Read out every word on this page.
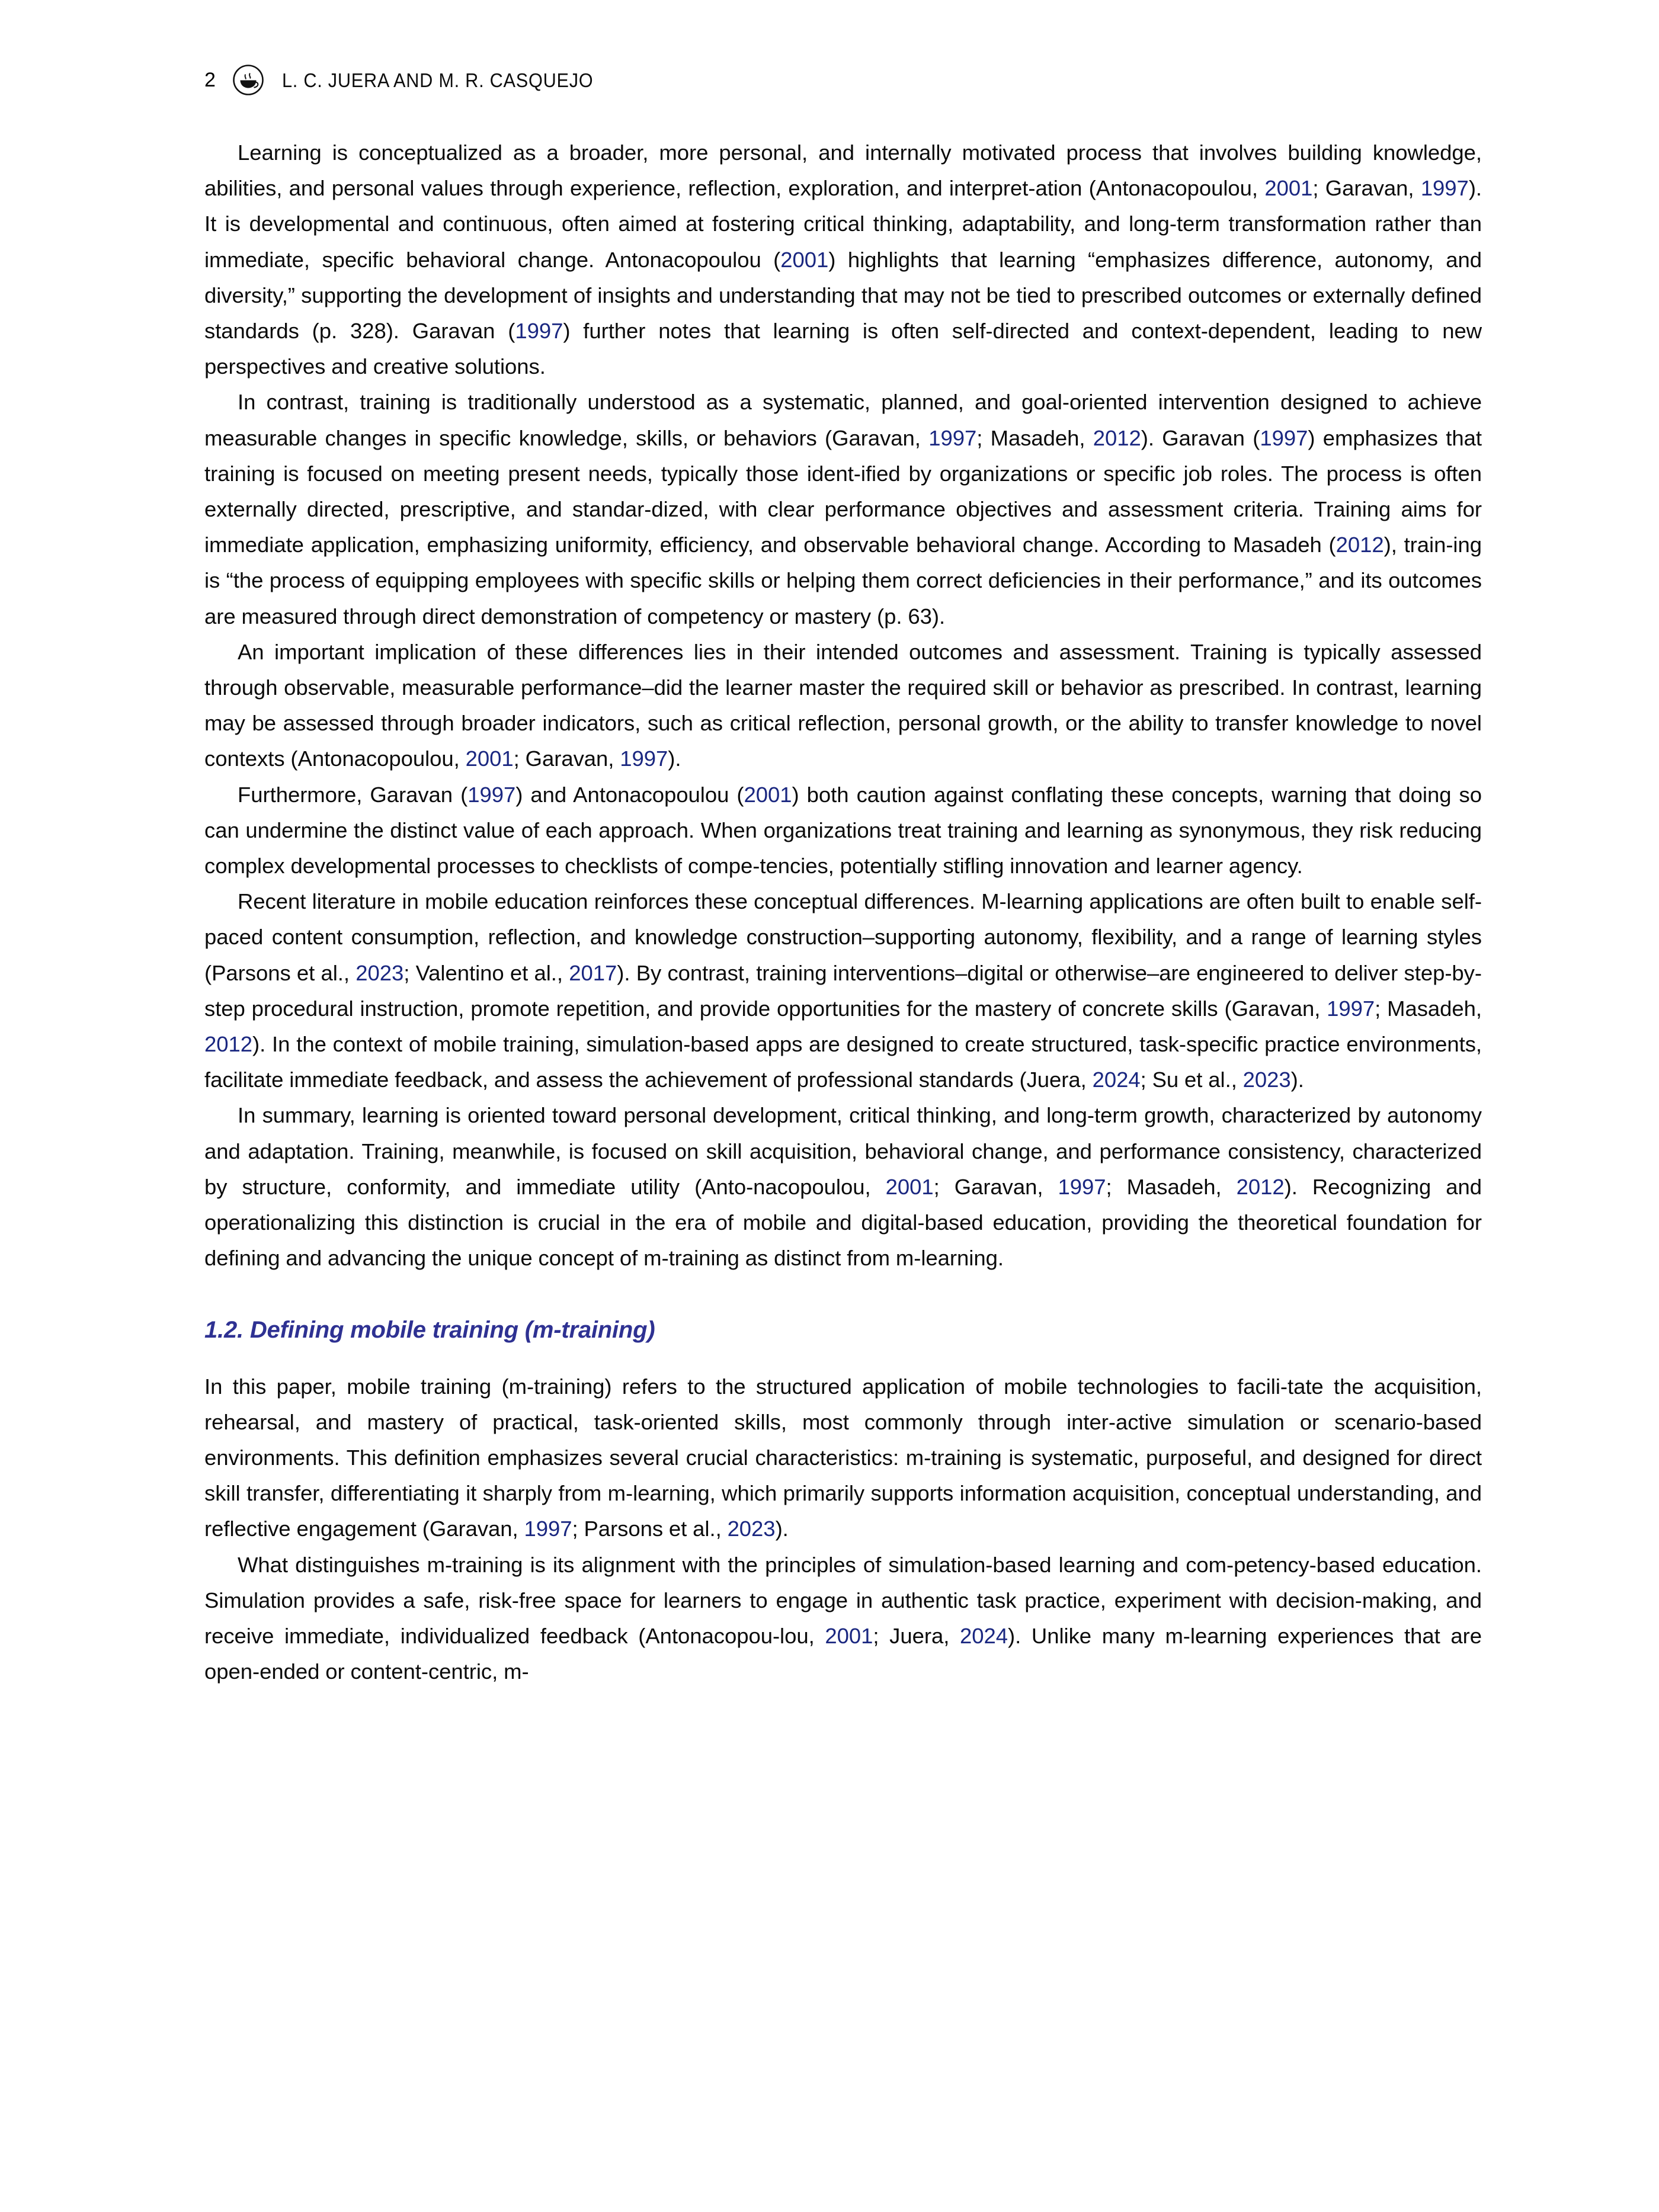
2	L. C. JUERA AND M. R. CASQUEJO

Learning is conceptualized as a broader, more personal, and internally motivated process that involves building knowledge, abilities, and personal values through experience, reflection, exploration, and interpret-ation (Antonacopoulou, 2001; Garavan, 1997). It is developmental and continuous, often aimed at fostering critical thinking, adaptability, and long-term transformation rather than immediate, specific behavioral change. Antonacopoulou (2001) highlights that learning “emphasizes difference, autonomy, and diversity,” supporting the development of insights and understanding that may not be tied to prescribed outcomes or externally defined standards (p. 328). Garavan (1997) further notes that learning is often self-directed and context-dependent, leading to new perspectives and creative solutions.

In contrast, training is traditionally understood as a systematic, planned, and goal-oriented intervention designed to achieve measurable changes in specific knowledge, skills, or behaviors (Garavan, 1997; Masadeh, 2012). Garavan (1997) emphasizes that training is focused on meeting present needs, typically those ident-ified by organizations or specific job roles. The process is often externally directed, prescriptive, and standar-dized, with clear performance objectives and assessment criteria. Training aims for immediate application, emphasizing uniformity, efficiency, and observable behavioral change. According to Masadeh (2012), train-ing is “the process of equipping employees with specific skills or helping them correct deficiencies in their performance,” and its outcomes are measured through direct demonstration of competency or mastery (p. 63).

An important implication of these differences lies in their intended outcomes and assessment. Training is typically assessed through observable, measurable performance–did the learner master the required skill or behavior as prescribed. In contrast, learning may be assessed through broader indicators, such as critical reflection, personal growth, or the ability to transfer knowledge to novel contexts (Antonacopoulou, 2001; Garavan, 1997).

Furthermore, Garavan (1997) and Antonacopoulou (2001) both caution against conflating these concepts, warning that doing so can undermine the distinct value of each approach. When organizations treat training and learning as synonymous, they risk reducing complex developmental processes to checklists of compe-tencies, potentially stifling innovation and learner agency.

Recent literature in mobile education reinforces these conceptual differences. M-learning applications are often built to enable self-paced content consumption, reflection, and knowledge construction–supporting autonomy, flexibility, and a range of learning styles (Parsons et al., 2023; Valentino et al., 2017). By contrast, training interventions–digital or otherwise–are engineered to deliver step-by-step procedural instruction, promote repetition, and provide opportunities for the mastery of concrete skills (Garavan, 1997; Masadeh, 2012). In the context of mobile training, simulation-based apps are designed to create structured, task-specific practice environments, facilitate immediate feedback, and assess the achievement of professional standards (Juera, 2024; Su et al., 2023).

In summary, learning is oriented toward personal development, critical thinking, and long-term growth, characterized by autonomy and adaptation. Training, meanwhile, is focused on skill acquisition, behavioral change, and performance consistency, characterized by structure, conformity, and immediate utility (Anto-nacopoulou, 2001; Garavan, 1997; Masadeh, 2012). Recognizing and operationalizing this distinction is crucial in the era of mobile and digital-based education, providing the theoretical foundation for defining and advancing the unique concept of m-training as distinct from m-learning.

1.2. Defining mobile training (m-training)

In this paper, mobile training (m-training) refers to the structured application of mobile technologies to facili-tate the acquisition, rehearsal, and mastery of practical, task-oriented skills, most commonly through inter-active simulation or scenario-based environments. This definition emphasizes several crucial characteristics: m-training is systematic, purposeful, and designed for direct skill transfer, differentiating it sharply from m-learning, which primarily supports information acquisition, conceptual understanding, and reflective engagement (Garavan, 1997; Parsons et al., 2023).

What distinguishes m-training is its alignment with the principles of simulation-based learning and com-petency-based education. Simulation provides a safe, risk-free space for learners to engage in authentic task practice, experiment with decision-making, and receive immediate, individualized feedback (Antonacopou-lou, 2001; Juera, 2024). Unlike many m-learning experiences that are open-ended or content-centric, m-
